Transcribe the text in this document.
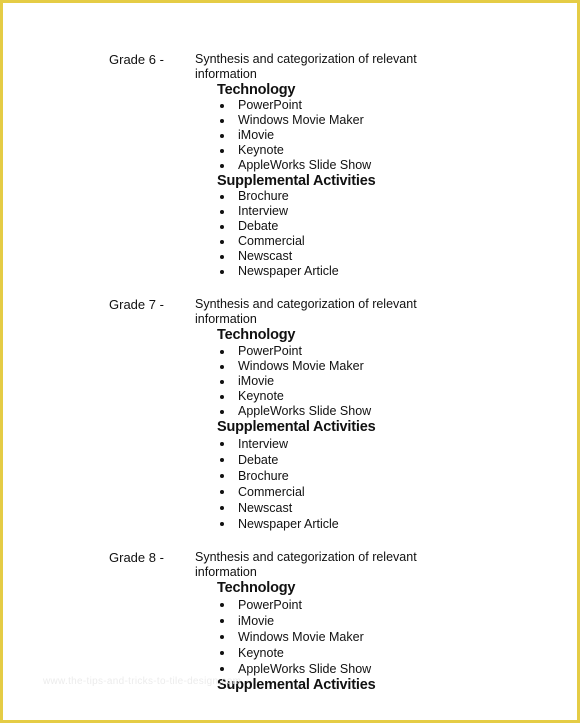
Grade 6 - Synthesis and categorization of relevant information
Technology
PowerPoint
Windows Movie Maker
iMovie
Keynote
AppleWorks Slide Show
Supplemental Activities
Brochure
Interview
Debate
Commercial
Newscast
Newspaper Article
Grade 7 - Synthesis and categorization of relevant information
Technology
PowerPoint
Windows Movie Maker
iMovie
Keynote
AppleWorks Slide Show
Supplemental Activities
Interview
Debate
Brochure
Commercial
Newscast
Newspaper Article
Grade 8 - Synthesis and categorization of relevant information
Technology
PowerPoint
iMovie
Windows Movie Maker
Keynote
AppleWorks Slide Show
Supplemental Activities
www.the-tips-and-tricks-to-tile-design.com
